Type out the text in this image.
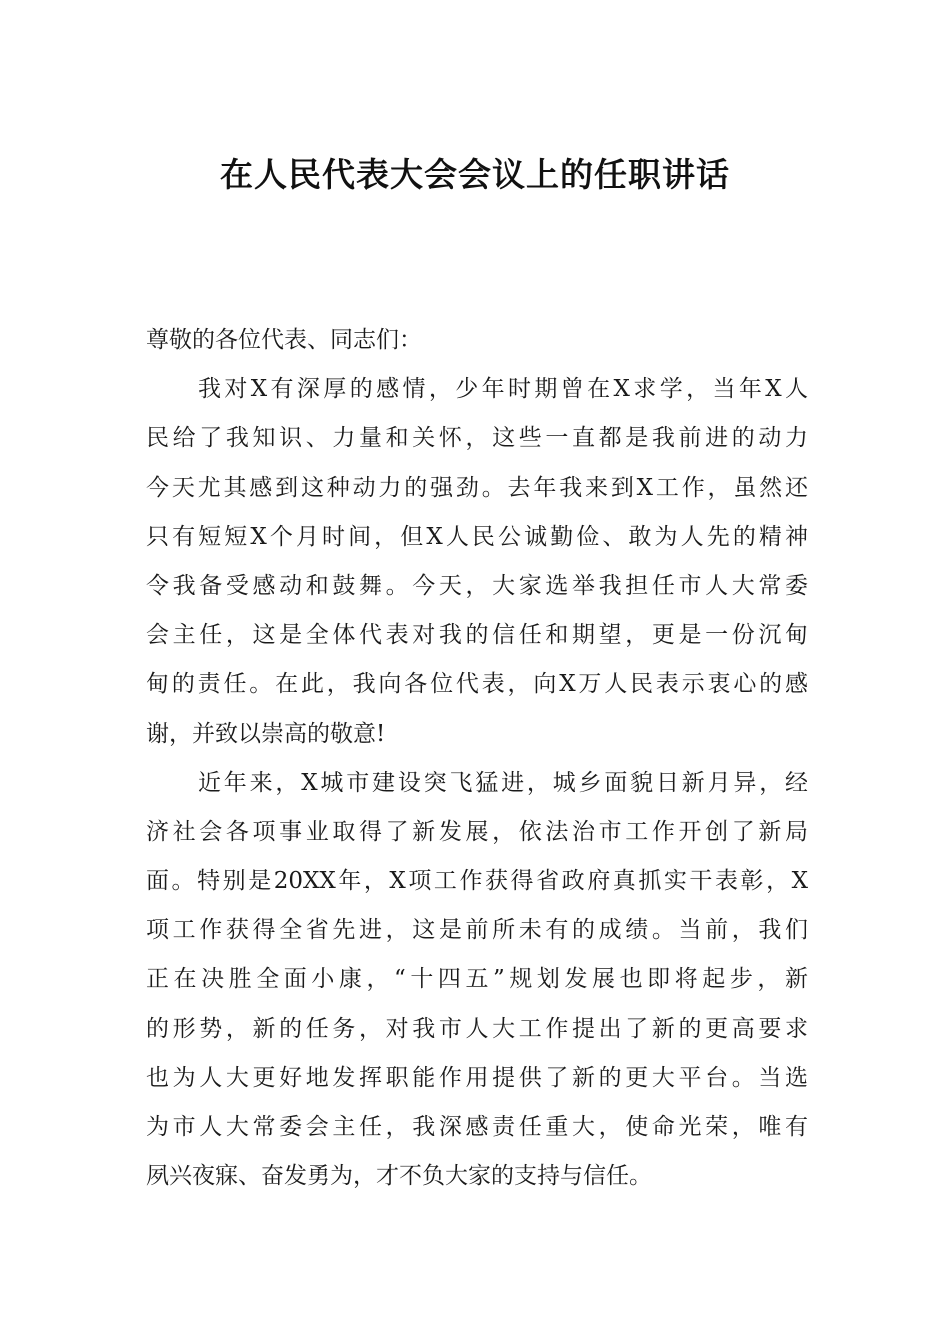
在人民代表大会会议上的任职讲话
尊敬的各位代表、同志们：
我对X有深厚的感情，少年时期曾在X求学，当年X人
民给了我知识、力量和关怀，这些一直都是我前进的动力
今天尤其感到这种动力的强劲。去年我来到X工作，虽然还
只有短短X个月时间，但X人民公诚勤俭、敢为人先的精神
令我备受感动和鼓舞。今天，大家选举我担任市人大常委
会主任，这是全体代表对我的信任和期望，更是一份沉甸
甸的责任。在此，我向各位代表，向X万人民表示衷心的感
谢，并致以崇高的敬意!
近年来，X城市建设突飞猛进，城乡面貌日新月异，经
济社会各项事业取得了新发展，依法治市工作开创了新局
面。特别是20XX年，X项工作获得省政府真抓实干表彰，X
项工作获得全省先进，这是前所未有的成绩。当前，我们
正在决胜全面小康，“十四五”规划发展也即将起步，新
的形势，新的任务，对我市人大工作提出了新的更高要求
也为人大更好地发挥职能作用提供了新的更大平台。当选
为市人大常委会主任，我深感责任重大，使命光荣，唯有
夙兴夜寐、奋发勇为，才不负大家的支持与信任。
